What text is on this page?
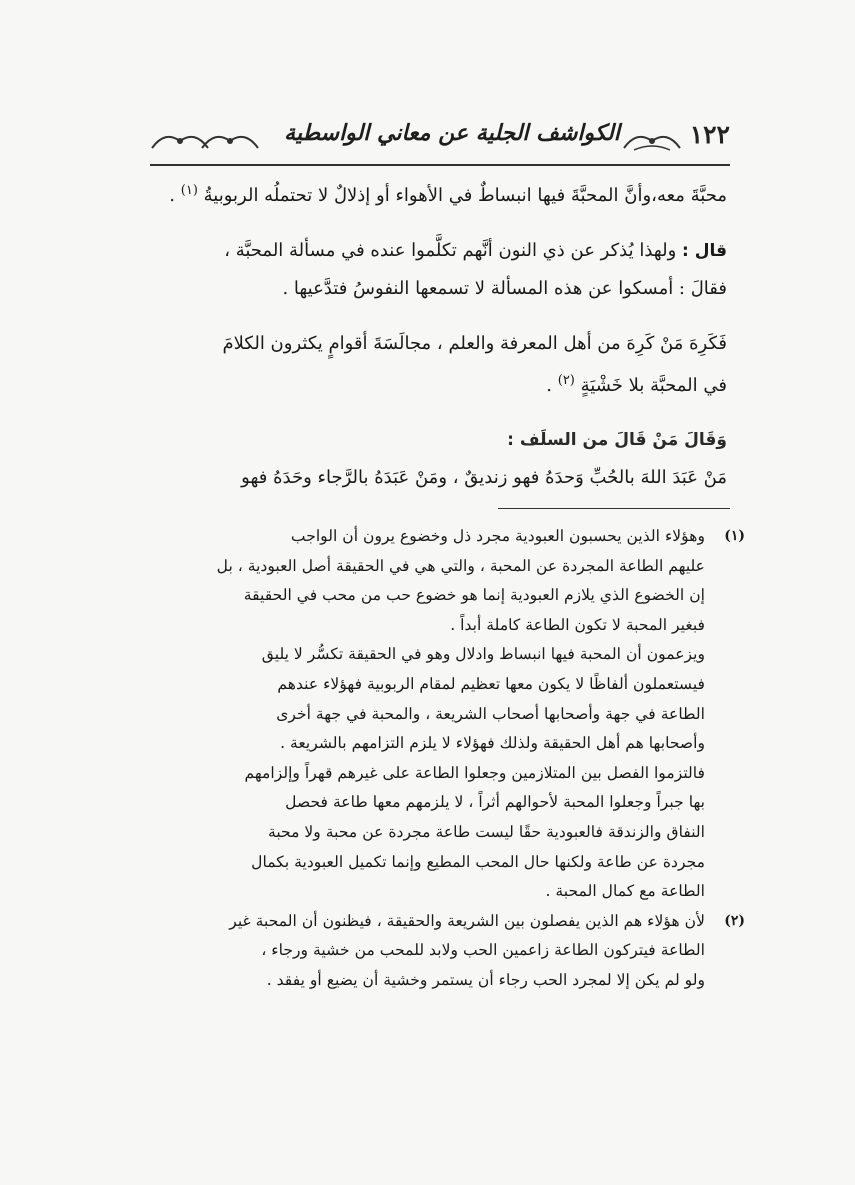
١٢٢
الكواشف الجلية عن معاني الواسطية

محبَّةَ معه،وأنَّ المحبَّةَ فيها انبساطٌ في الأهواء أو إذلالٌ لا تحتملُه الربوبيةُ $^{(١)}$ .

قال : ولهذا يُذكر عن ذي النون أنَّهم تكلَّموا عنده في مسألة المحبَّة ،

فقالَ : أمسكوا عن هذه المسألة لا تسمعها النفوسُ فتدَّعيها .

فَكَرِهَ مَنْ كَرِهَ من أهل المعرفة والعلم ، مجالَسَةَ أقوامٍ يكثرون الكلامَ

في المحبَّة بلا خَشْيَةٍ $^{(٢)}$ .

وَقَالَ مَنْ قَالَ من السلَف :

مَنْ عَبَدَ اللهَ بالحُبِّ وَحدَهُ فهو زنديقٌ ، ومَنْ عَبَدَهُ بالرَّجاء وحَدَهُ فهو

(١)

وهؤلاء الذين يحسبون العبودية مجرد ذل وخضوع يرون أن الواجب

عليهم الطاعة المجردة عن المحبة ، والتي هي في الحقيقة أصل العبودية ، بل

إن الخضوع الذي يلازم العبودية إنما هو خضوع حب من محب في الحقيقة

فبغير المحبة لا تكون الطاعة كاملة أبداً .

ويزعمون أن المحبة فيها انبساط وادلال وهو في الحقيقة تكسُّر لا يليق

فيستعملون ألفاظًا لا يكون معها تعظيم لمقام الربوبية فهؤلاء عندهم

الطاعة في جهة وأصحابها أصحاب الشريعة ، والمحبة في جهة أخرى

وأصحابها هم أهل الحقيقة ولذلك فهؤلاء لا يلزم التزامهم بالشريعة .

فالتزموا الفصل بين المتلازمين وجعلوا الطاعة على غيرهم قهراً وإلزامهم

بها جبراً وجعلوا المحبة لأحوالهم أثراً ، لا يلزمهم معها طاعة فحصل

النفاق والزندقة فالعبودية حقًا ليست طاعة مجردة عن محبة ولا محبة

مجردة عن طاعة ولكنها حال المحب المطيع وإنما تكميل العبودية بكمال

الطاعة مع كمال المحبة .

(٢)

لأن هؤلاء هم الذين يفصلون بين الشريعة والحقيقة ، فيظنون أن المحبة غير

الطاعة فيتركون الطاعة زاعمين الحب ولابد للمحب من خشية ورجاء ،

ولو لم يكن إلا لمجرد الحب رجاء أن يستمر وخشية أن يضيع أو يفقد .
